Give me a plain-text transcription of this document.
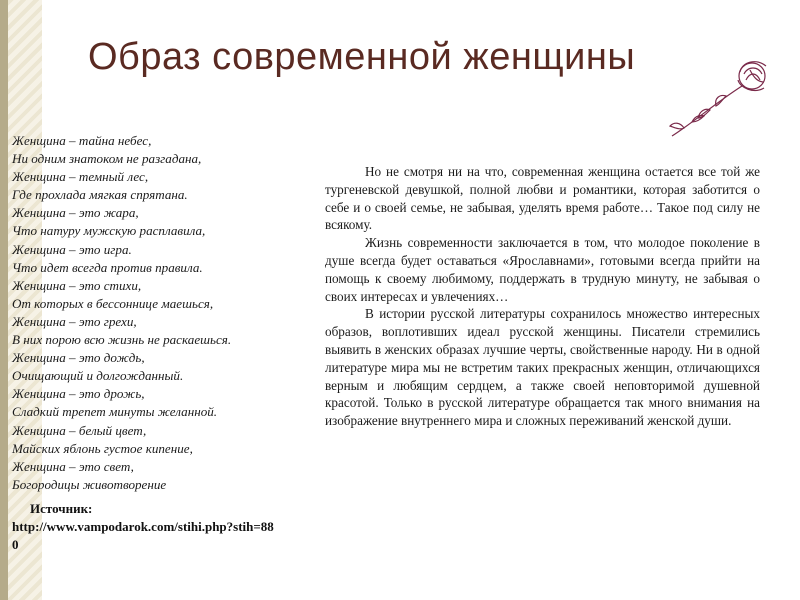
Образ современной женщины
Женщина – тайна небес,
Ни одним знатоком не разгадана,
Женщина – темный лес,
Где прохлада мягкая спрятана.
Женщина – это жара,
Что натуру мужскую расплавила,
Женщина – это игра.
Что идет всегда против правила.
Женщина – это стихи,
От которых в бессоннице маешься,
Женщина – это грехи,
В них порою всю жизнь не раскаешься.
Женщина – это дождь,
Очищающий и долгожданный.
Женщина – это дрожь,
Сладкий трепет минуты желанной.
Женщина – белый цвет,
Майских яблонь густое кипение,
Женщина – это свет,
Богородицы животворение
Источник:
http://www.vampodarok.com/stihi.php?stih=880

Но не смотря ни на что, современная женщина остается все той же тургеневской девушкой, полной любви и романтики, которая заботится о себе и о своей семье, не забывая, уделять время работе… Такое под силу не всякому.

Жизнь современности заключается в том, что молодое поколение в душе всегда будет оставаться «Ярославнами», готовыми всегда прийти на помощь к своему любимому, поддержать в трудную минуту, не забывая о своих интересах и увлечениях…

В истории русской литературы сохранилось множество интересных образов, воплотивших идеал русской женщины. Писатели стремились выявить в женских образах лучшие черты, свойственные народу. Ни в одной литературе мира мы не встретим таких прекрасных женщин, отличающихся верным и любящим сердцем, а также своей неповторимой душевной красотой. Только в русской литературе обращается так много внимания на изображение внутреннего мира и сложных переживаний женской души.
